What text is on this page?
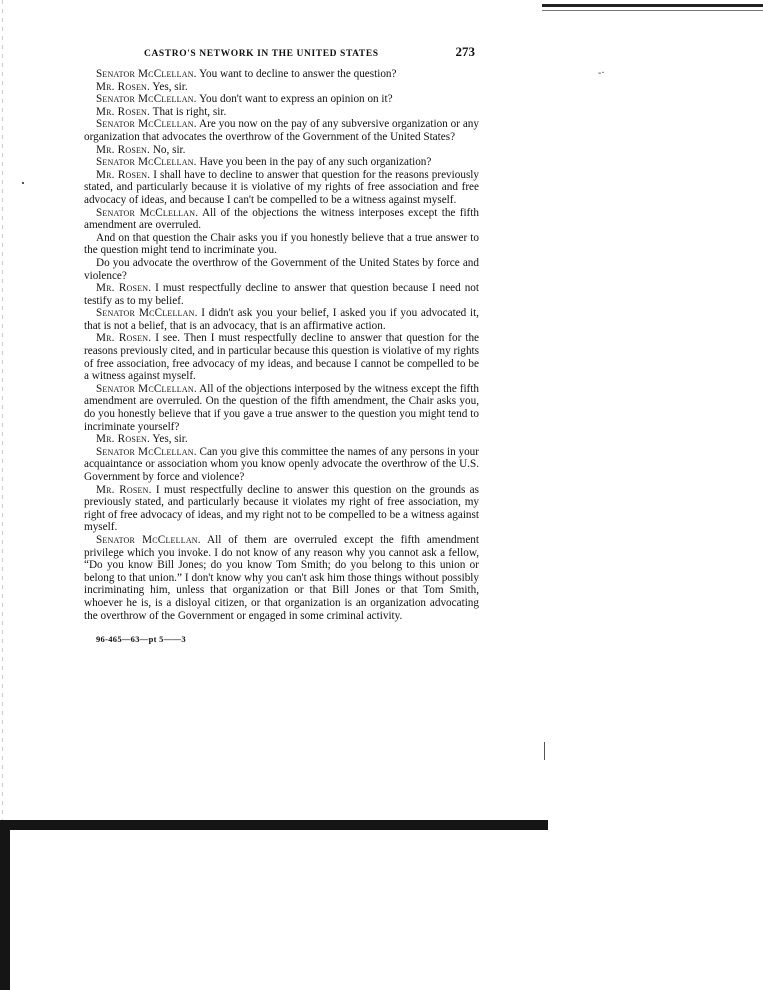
‐·
CASTRO'S NETWORK IN THE UNITED STATES	273

Senator McClellan. You want to decline to answer the question?

Mr. Rosen. Yes, sir.

Senator McClellan. You don't want to express an opinion on it?

Mr. Rosen. That is right, sir.

Senator McClellan. Are you now on the pay of any subversive organization or any organization that advocates the overthrow of the Government of the United States?

Mr. Rosen. No, sir.

Senator McClellan. Have you been in the pay of any such organization?

Mr. Rosen. I shall have to decline to answer that question for the reasons previously stated, and particularly because it is violative of my rights of free association and free advocacy of ideas, and because I can't be compelled to be a witness against myself.

Senator McClellan. All of the objections the witness interposes except the fifth amendment are overruled.

And on that question the Chair asks you if you honestly believe that a true answer to the question might tend to incriminate you.

Do you advocate the overthrow of the Government of the United States by force and violence?

Mr. Rosen. I must respectfully decline to answer that question because I need not testify as to my belief.

Senator McClellan. I didn't ask you your belief, I asked you if you advocated it, that is not a belief, that is an advocacy, that is an affirmative action.

Mr. Rosen. I see. Then I must respectfully decline to answer that question for the reasons previously cited, and in particular because this question is violative of my rights of free association, free advocacy of my ideas, and because I cannot be compelled to be a witness against myself.

Senator McClellan. All of the objections interposed by the witness except the fifth amendment are overruled. On the question of the fifth amendment, the Chair asks you, do you honestly believe that if you gave a true answer to the question you might tend to incriminate yourself?

Mr. Rosen. Yes, sir.

Senator McClellan. Can you give this committee the names of any persons in your acquaintance or association whom you know openly advocate the overthrow of the U.S. Government by force and violence?

Mr. Rosen. I must respectfully decline to answer this question on the grounds as previously stated, and particularly because it violates my right of free association, my right of free advocacy of ideas, and my right not to be compelled to be a witness against myself.

Senator McClellan. All of them are overruled except the fifth amendment privilege which you invoke. I do not know of any reason why you cannot ask a fellow, “Do you know Bill Jones; do you know Tom Smith; do you belong to this union or belong to that union.” I don't know why you can't ask him those things without possibly incriminating him, unless that organization or that Bill Jones or that Tom Smith, whoever he is, is a disloyal citizen, or that organization is an organization advocating the overthrow of the Government or engaged in some criminal activity.

96-465—63—pt 5——3
